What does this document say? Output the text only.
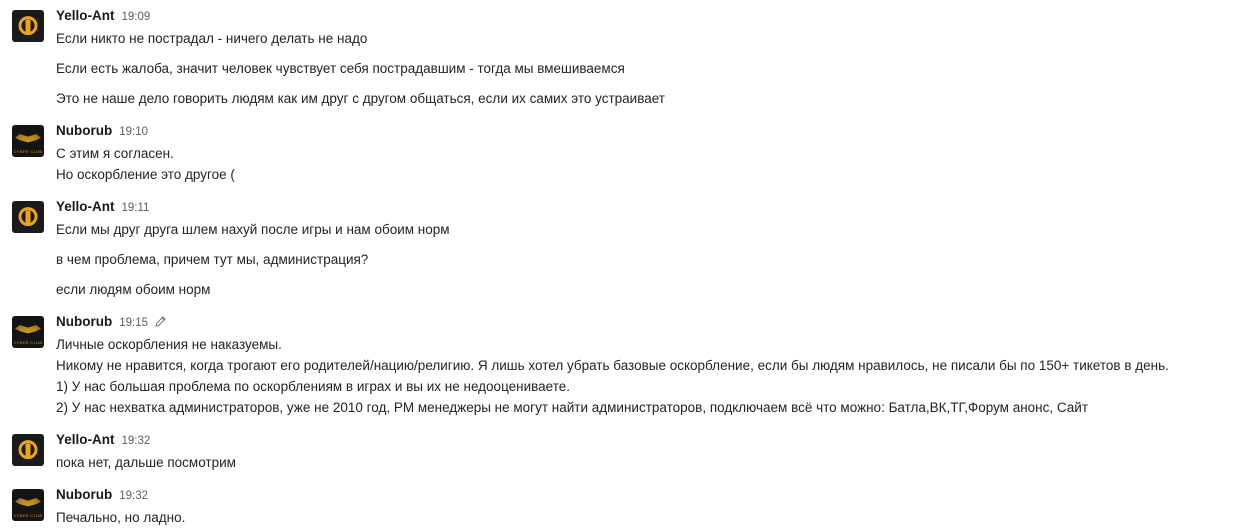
Yello-Ant 19:09
Если никто не пострадал - ничего делать не надо
Если есть жалоба, значит человек чувствует себя пострадавшим - тогда мы вмешиваемся
Это не наше дело говорить людям как им друг с другом общаться, если их самих это устраивает
CYBER CLUB
Nuborub 19:10
С этим я согласен.
Но оскорбление это другое (
Yello-Ant 19:11
Если мы друг друга шлем нахуй после игры и нам обоим норм
в чем проблема, причем тут мы, администрация?
если людям обоим норм
CYBER CLUB
Nuborub 19:15
Личные оскорбления не наказуемы.
Никому не нравится, когда трогают его родителей/нацию/религию. Я лишь хотел убрать базовые оскорбление, если бы людям нравилось, не писали бы по 150+ тикетов в день.
1) У нас большая проблема по оскорблениям в играх и вы их не недооцениваете.
2) У нас нехватка администраторов, уже не 2010 год, PM менеджеры не могут найти администраторов, подключаем всё что можно: Батла,ВК,ТГ,Форум анонс, Сайт
Yello-Ant 19:32
пока нет, дальше посмотрим
CYBER CLUB
Nuborub 19:32
Печально, но ладно.
